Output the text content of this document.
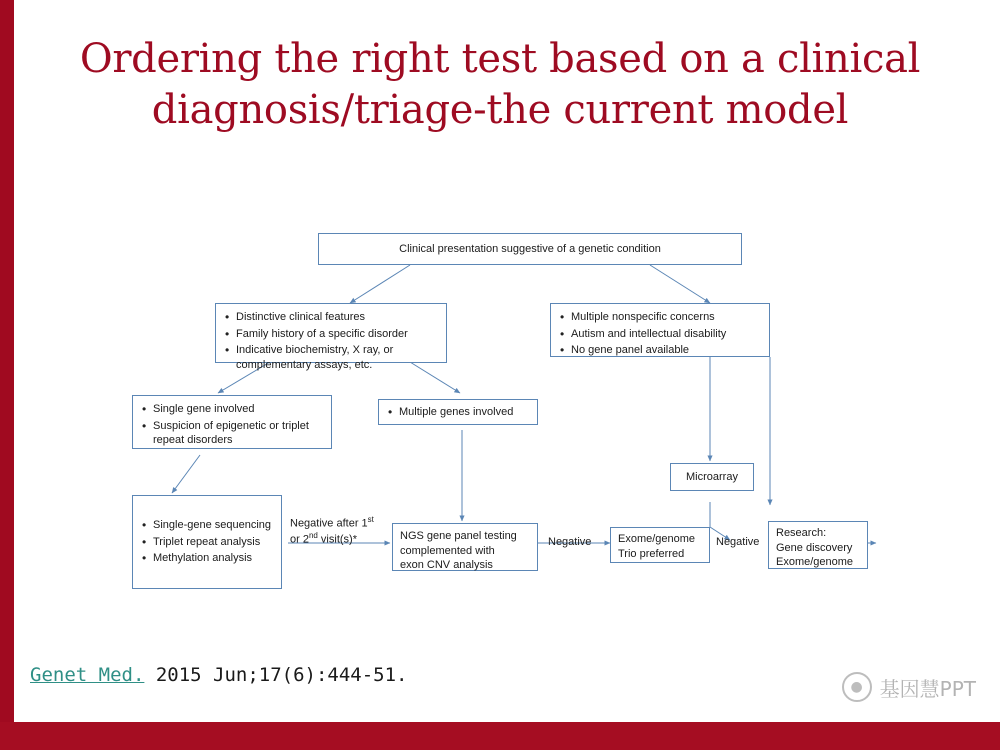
Ordering the right test based on a clinical diagnosis/triage-the current model
Clinical presentation suggestive of a genetic condition
• Distinctive clinical features
• Family history of a specific disorder
• Indicative biochemistry, X ray, or complementary assays, etc.
• Multiple nonspecific concerns
• Autism and intellectual disability
• No gene panel available
• Single gene involved
• Suspicion of epigenetic or triplet repeat disorders
• Multiple genes involved
Microarray
• Single-gene sequencing
• Triplet repeat analysis
• Methylation analysis
NGS gene panel testing
complemented with
exon CNV analysis
Exome/genome
Trio preferred
Research:
Gene discovery
Exome/genome
Negative after 1st
or 2nd visit(s)*	Negative	Negative
Genet Med. 2015 Jun;17(6):444-51.
● 基因慧PPT
